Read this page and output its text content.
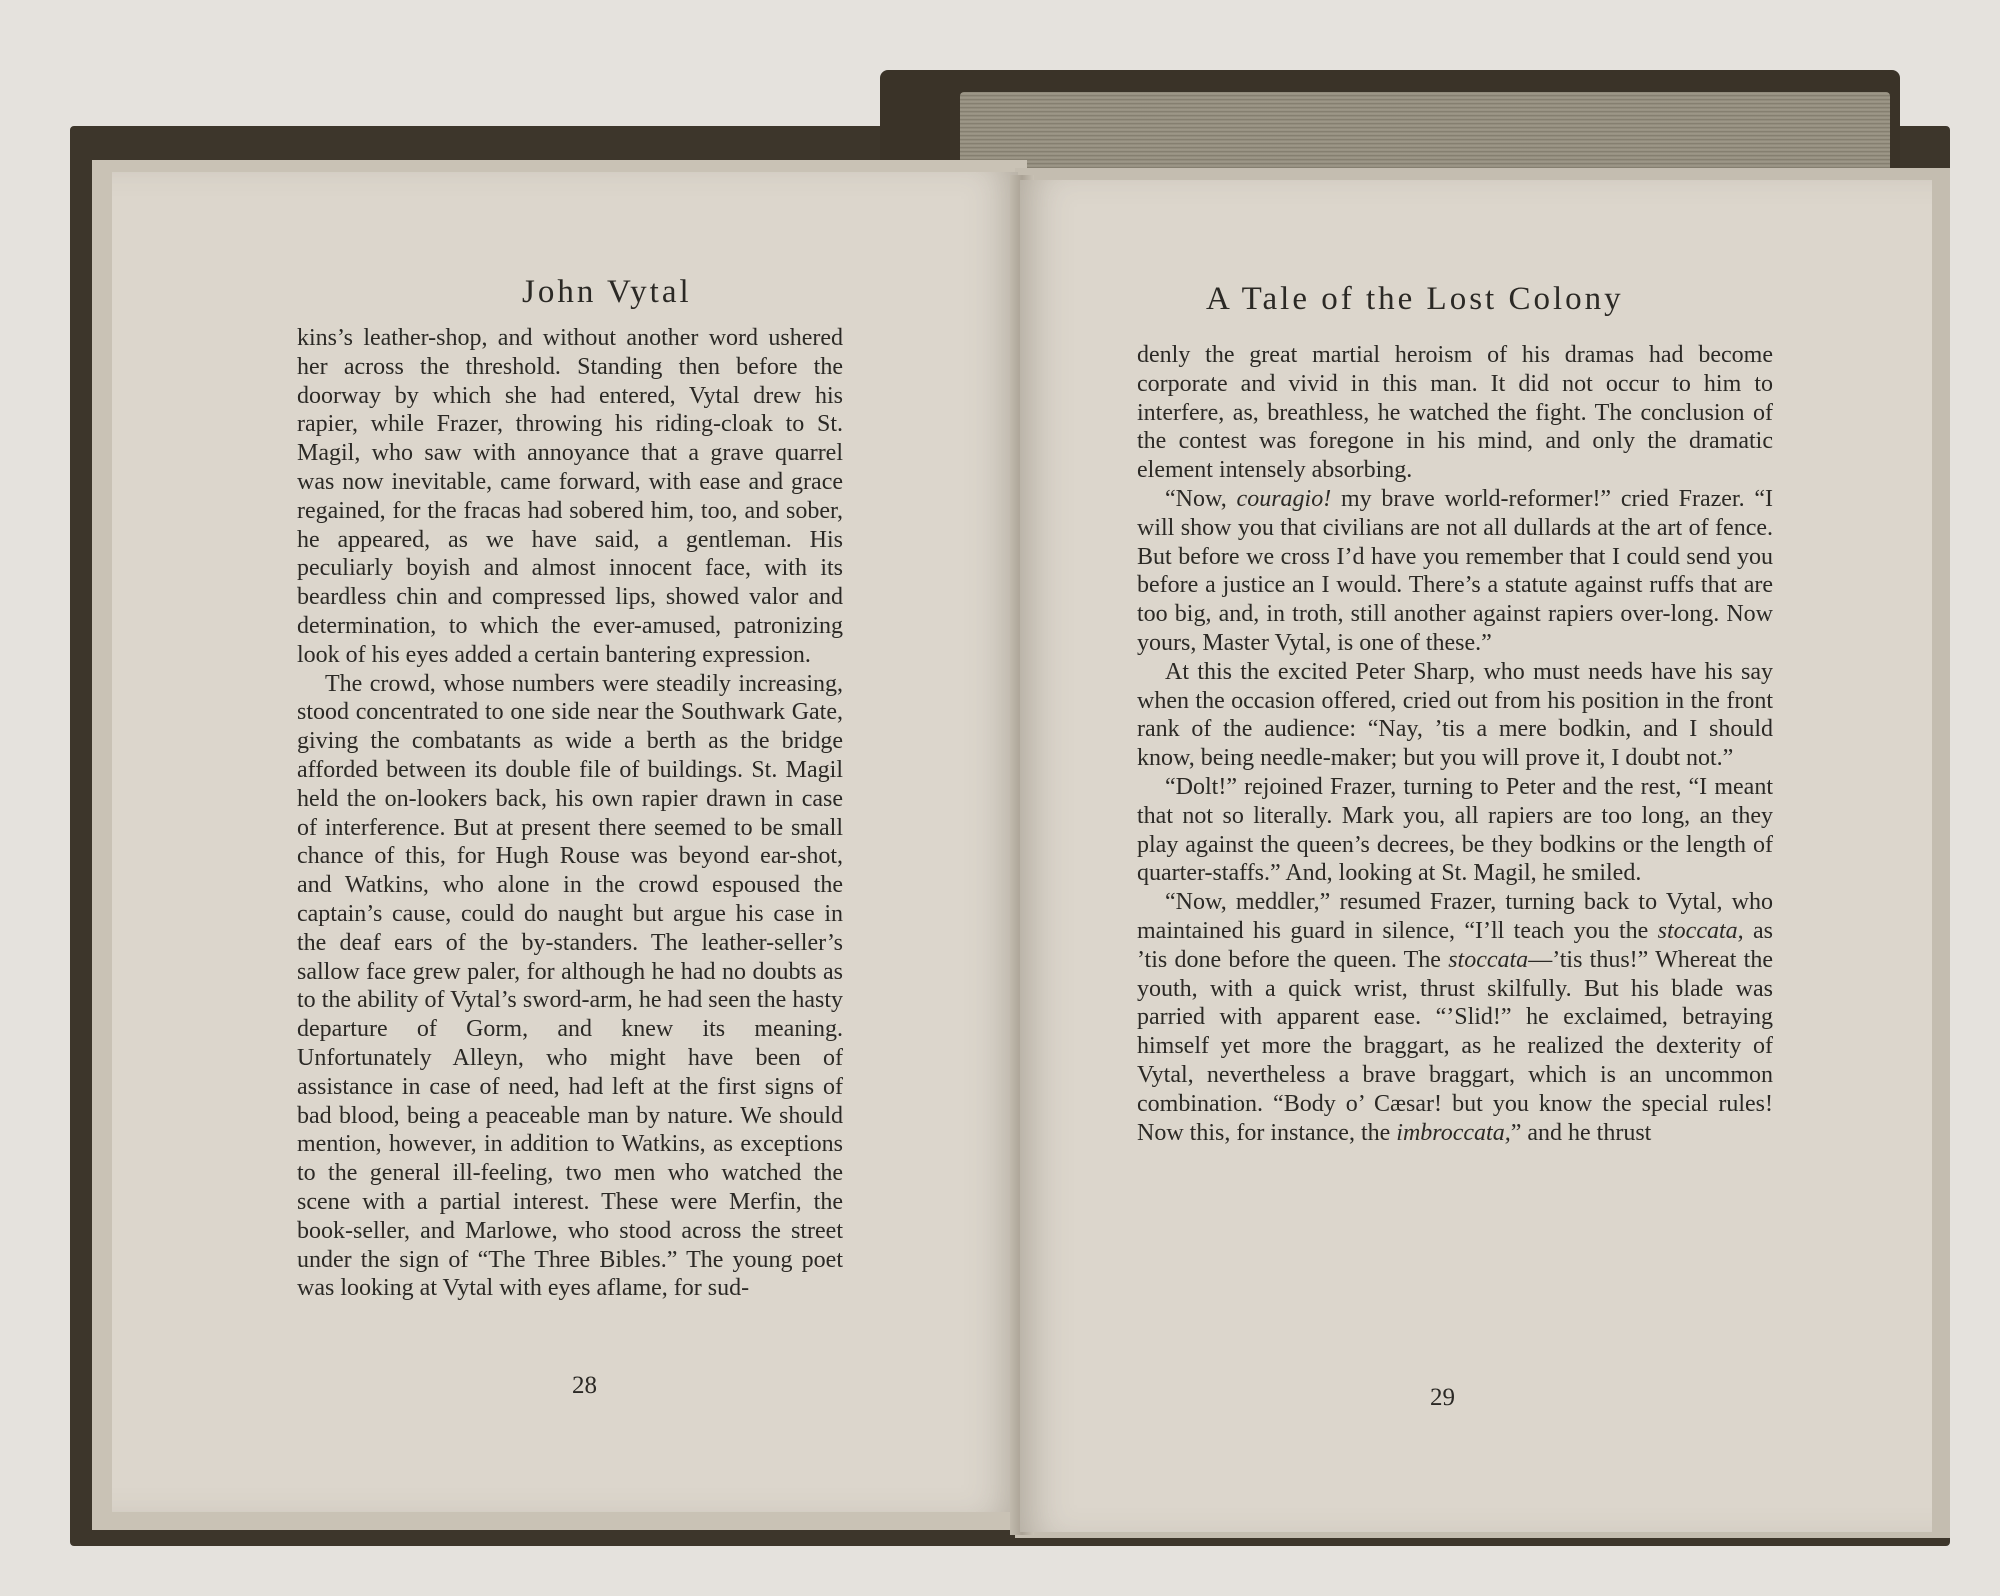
John Vytal

kins’s leather-shop, and without another word ushered her across the threshold. Standing then before the doorway by which she had entered, Vytal drew his rapier, while Frazer, throwing his riding-cloak to St. Magil, who saw with annoyance that a grave quarrel was now inevitable, came forward, with ease and grace regained, for the fracas had sobered him, too, and sober, he appeared, as we have said, a gentleman. His peculiarly boyish and almost innocent face, with its beardless chin and compressed lips, showed valor and determination, to which the ever-amused, patronizing look of his eyes added a certain bantering expression.

The crowd, whose numbers were steadily increasing, stood concentrated to one side near the Southwark Gate, giving the combatants as wide a berth as the bridge afforded between its double file of buildings. St. Magil held the on-lookers back, his own rapier drawn in case of interference. But at present there seemed to be small chance of this, for Hugh Rouse was beyond ear-shot, and Watkins, who alone in the crowd espoused the captain’s cause, could do naught but argue his case in the deaf ears of the by-standers. The leather-seller’s sallow face grew paler, for although he had no doubts as to the ability of Vytal’s sword-arm, he had seen the hasty departure of Gorm, and knew its meaning. Unfortunately Alleyn, who might have been of assistance in case of need, had left at the first signs of bad blood, being a peaceable man by nature. We should mention, however, in addition to Watkins, as exceptions to the general ill-feeling, two men who watched the scene with a partial interest. These were Merfin, the book-seller, and Marlowe, who stood across the street under the sign of “The Three Bibles.” The young poet was looking at Vytal with eyes aflame, for sud-

28
A Tale of the Lost Colony

denly the great martial heroism of his dramas had become corporate and vivid in this man. It did not occur to him to interfere, as, breathless, he watched the fight. The conclusion of the contest was foregone in his mind, and only the dramatic element intensely absorbing.

“Now, couragio! my brave world-reformer!” cried Frazer. “I will show you that civilians are not all dullards at the art of fence. But before we cross I’d have you remember that I could send you before a justice an I would. There’s a statute against ruffs that are too big, and, in troth, still another against rapiers over-long. Now yours, Master Vytal, is one of these.”

At this the excited Peter Sharp, who must needs have his say when the occasion offered, cried out from his position in the front rank of the audience: “Nay, ’tis a mere bodkin, and I should know, being needle-maker; but you will prove it, I doubt not.”

“Dolt!” rejoined Frazer, turning to Peter and the rest, “I meant that not so literally. Mark you, all rapiers are too long, an they play against the queen’s decrees, be they bodkins or the length of quarter-staffs.” And, looking at St. Magil, he smiled.

“Now, meddler,” resumed Frazer, turning back to Vytal, who maintained his guard in silence, “I’ll teach you the stoccata, as ’tis done before the queen. The stoccata—’tis thus!” Whereat the youth, with a quick wrist, thrust skilfully. But his blade was parried with apparent ease. “’Slid!” he exclaimed, betraying himself yet more the braggart, as he realized the dexterity of Vytal, nevertheless a brave braggart, which is an uncommon combination. “Body o’ Cæsar! but you know the special rules! Now this, for instance, the imbroccata,” and he thrust

29
